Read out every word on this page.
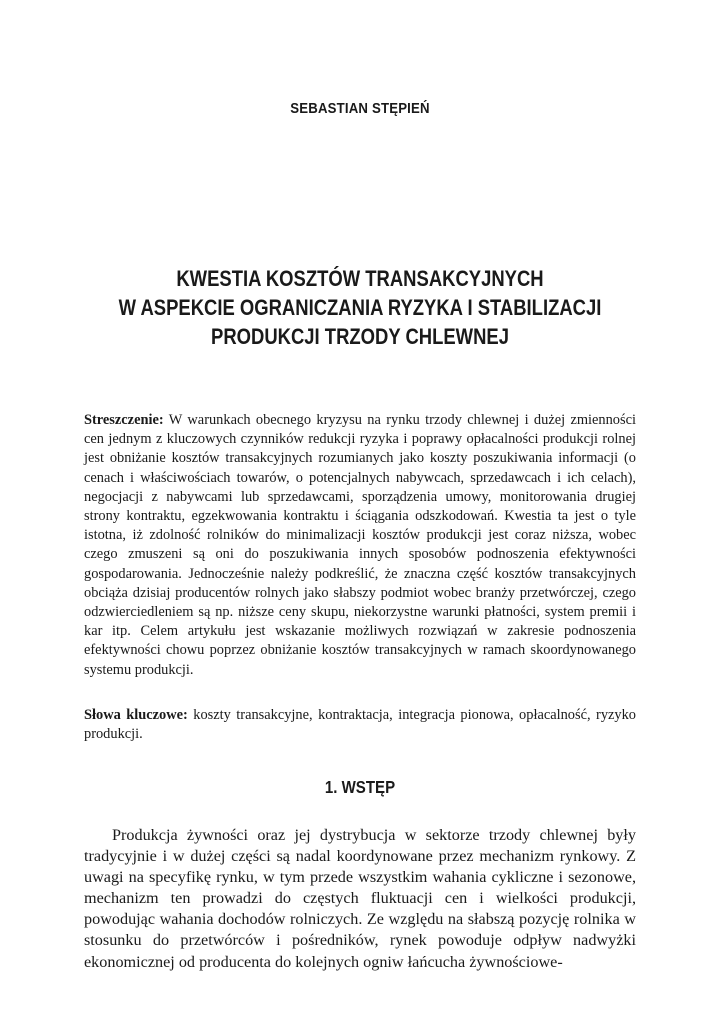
SEBASTIAN STĘPIEŃ
KWESTIA KOSZTÓW TRANSAKCYJNYCH
W ASPEKCIE OGRANICZANIA RYZYKA I STABILIZACJI
PRODUKCJI TRZODY CHLEWNEJ
Streszczenie: W warunkach obecnego kryzysu na rynku trzody chlewnej i dużej zmienności cen jednym z kluczowych czynników redukcji ryzyka i poprawy opłacalności produkcji rolnej jest obniżanie kosztów transakcyjnych rozumianych jako koszty poszukiwania informacji (o cenach i właściwościach towarów, o potencjalnych nabywcach, sprzedawcach i ich celach), negocjacji z nabywcami lub sprzedawcami, sporządzenia umowy, monitorowania drugiej strony kontraktu, egzekwowania kontraktu i ściągania odszkodowań. Kwestia ta jest o tyle istotna, iż zdolność rolników do minimalizacji kosztów produkcji jest coraz niższa, wobec czego zmuszeni są oni do poszukiwania innych sposobów podnoszenia efektywności gospodarowania. Jednocześnie należy podkreślić, że znaczna część kosztów transakcyjnych obciąża dzisiaj producentów rolnych jako słabszy podmiot wobec branży przetwórczej, czego odzwierciedleniem są np. niższe ceny skupu, niekorzystne warunki płatności, system premii i kar itp. Celem artykułu jest wskazanie możliwych rozwiązań w zakresie podnoszenia efektywności chowu poprzez obniżanie kosztów transakcyjnych w ramach skoordynowanego systemu produkcji.
Słowa kluczowe: koszty transakcyjne, kontraktacja, integracja pionowa, opłacalność, ryzyko produkcji.
1. WSTĘP
Produkcja żywności oraz jej dystrybucja w sektorze trzody chlewnej były tradycyjnie i w dużej części są nadal koordynowane przez mechanizm rynkowy. Z uwagi na specyfikę rynku, w tym przede wszystkim wahania cykliczne i sezonowe, mechanizm ten prowadzi do częstych fluktuacji cen i wielkości produkcji, powodując wahania dochodów rolniczych. Ze względu na słabszą pozycję rolnika w stosunku do przetwórców i pośredników, rynek powoduje odpływ nadwyżki ekonomicznej od producenta do kolejnych ogniw łańcucha żywnościowe-
